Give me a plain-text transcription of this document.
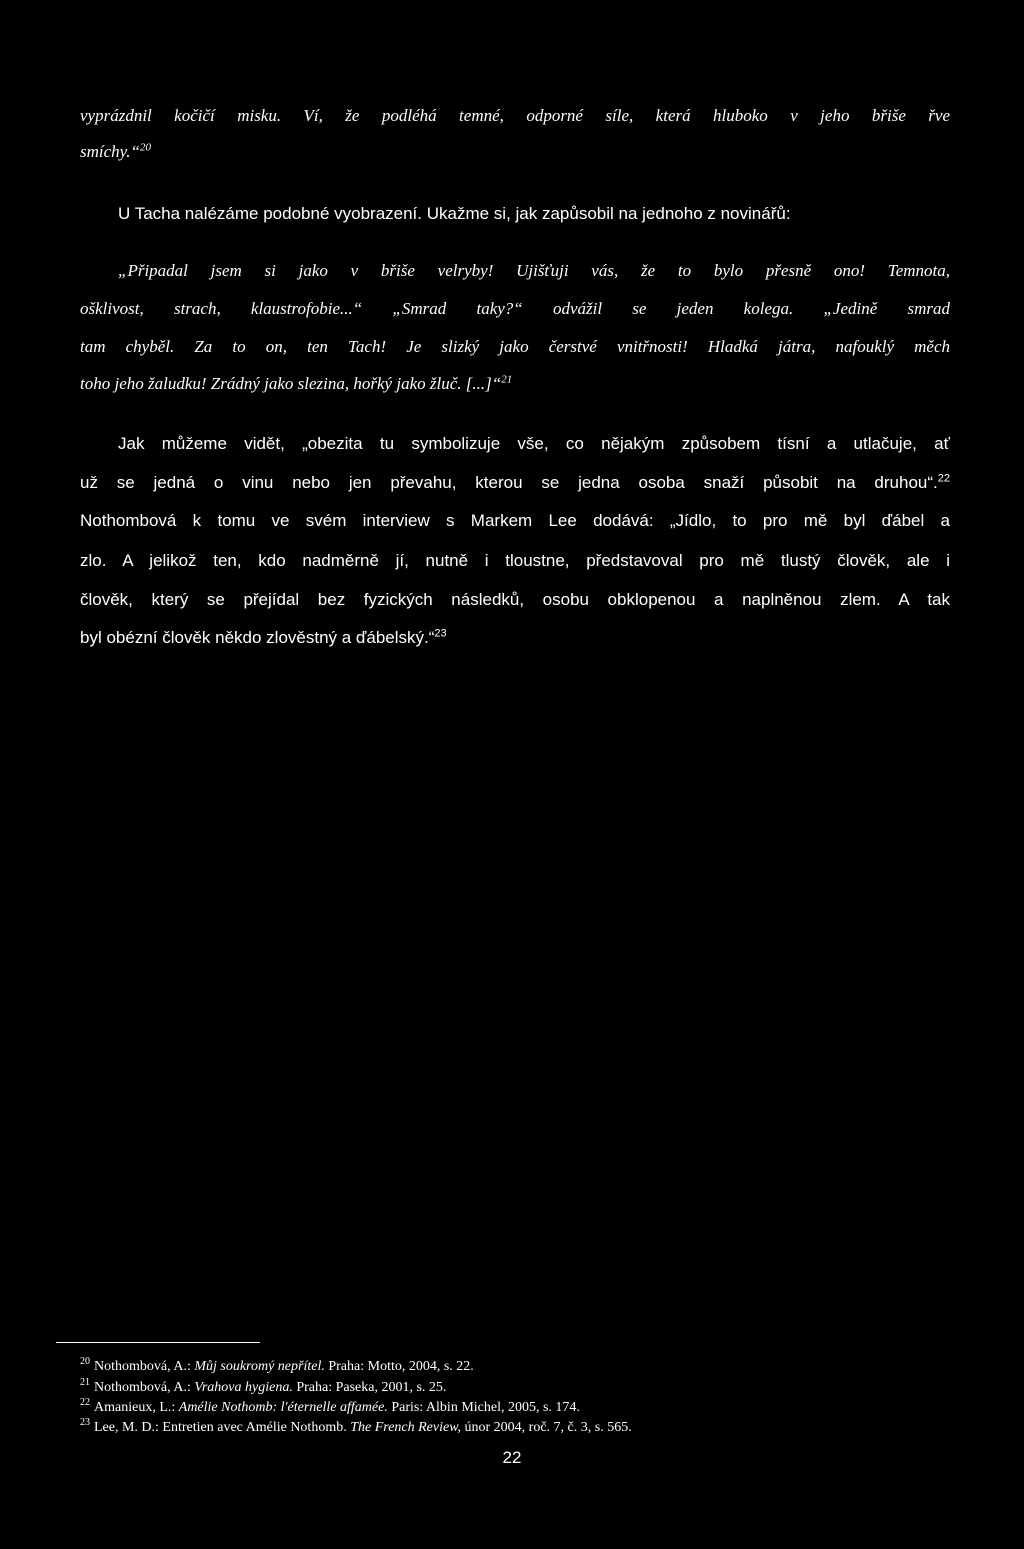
vyprázdnil kočičí misku. Ví, že podléhá temné, odporné síle, která hluboko v jeho břiše řve
smíchy.“$^{20}$
U Tacha nalézáme podobné vyobrazení. Ukažme si, jak zapůsobil na jednoho z novinářů:
„Připadal jsem si jako v břiše velryby! Ujišťuji vás, že to bylo přesně ono! Temnota,
ošklivost, strach, klaustrofobie...“ „Smrad taky?“ odvážil se jeden kolega. „Jedině smrad
tam chyběl. Za to on, ten Tach! Je slizký jako čerstvé vnitřnosti! Hladká játra, nafouklý měch
toho jeho žaludku! Zrádný jako slezina, hořký jako žluč. [...]“$^{21}$
Jak můžeme vidět, „obezita tu symbolizuje vše, co nějakým způsobem tísní a utlačuje, ať
už se jedná o vinu nebo jen převahu, kterou se jedna osoba snaží působit na druhou“.$^{22}$
Nothombová k tomu ve svém interview s Markem Lee dodává: „Jídlo, to pro mě byl ďábel a
zlo. A jelikož ten, kdo nadměrně jí, nutně i tloustne, představoval pro mě tlustý člověk, ale i
člověk, který se přejídal bez fyzických následků, osobu obklopenou a naplněnou zlem. A tak
byl obézní člověk někdo zlověstný a ďábelský.“$^{23}$
$^{20}$ Nothombová, A.: Můj soukromý nepřítel. Praha: Motto, 2004, s. 22.
$^{21}$ Nothombová, A.: Vrahova hygiena. Praha: Paseka, 2001, s. 25.
$^{22}$ Amanieux, L.: Amélie Nothomb: l'éternelle affamée. Paris: Albin Michel, 2005, s. 174.
$^{23}$ Lee, M. D.: Entretien avec Amélie Nothomb. The French Review, únor 2004, roč. 7, č. 3, s. 565.
22
